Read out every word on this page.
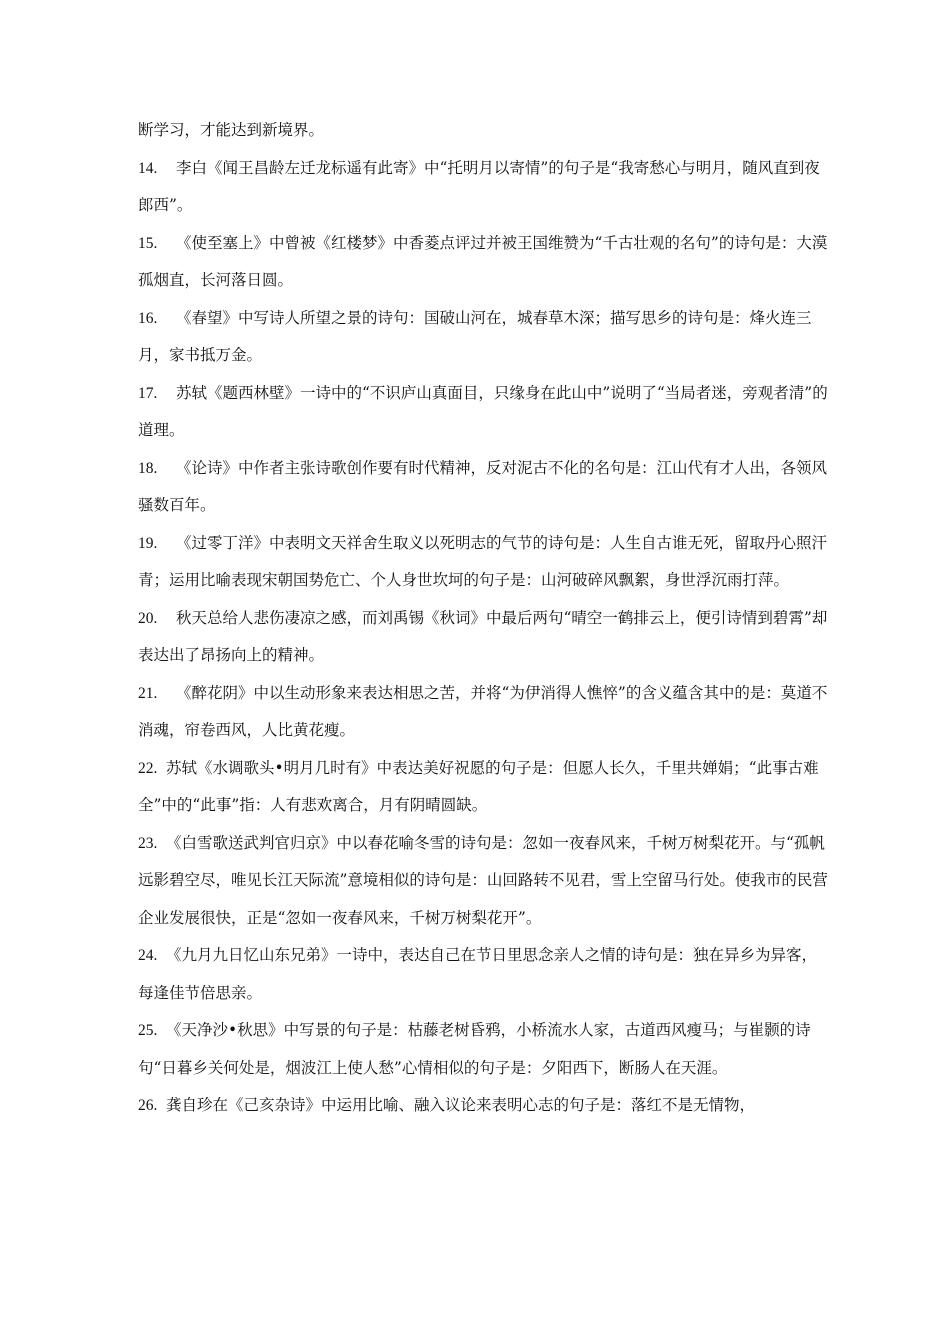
断学习，才能达到新境界。

14. 李白《闻王昌龄左迁龙标遥有此寄》中“托明月以寄情”的句子是“我寄愁心与明月，随风直到夜郎西”。

15. 《使至塞上》中曾被《红楼梦》中香菱点评过并被王国维赞为“千古壮观的名句”的诗句是：大漠孤烟直，长河落日圆。

16. 《春望》中写诗人所望之景的诗句：国破山河在，城春草木深；描写思乡的诗句是：烽火连三月，家书抵万金。

17. 苏轼《题西林壁》一诗中的“不识庐山真面目，只缘身在此山中”说明了“当局者迷，旁观者清”的道理。

18. 《论诗》中作者主张诗歌创作要有时代精神，反对泥古不化的名句是：江山代有才人出，各领风骚数百年。

19. 《过零丁洋》中表明文天祥舍生取义以死明志的气节的诗句是：人生自古谁无死，留取丹心照汗青；运用比喻表现宋朝国势危亡、个人身世坎坷的句子是：山河破碎风飘絮，身世浮沉雨打萍。

20. 秋天总给人悲伤凄凉之感，而刘禹锡《秋词》中最后两句“晴空一鹤排云上，便引诗情到碧霄”却表达出了昂扬向上的精神。

21. 《醉花阴》中以生动形象来表达相思之苦，并将“为伊消得人憔悴”的含义蕴含其中的是：莫道不消魂，帘卷西风，人比黄花瘦。

22. 苏轼《水调歌头•明月几时有》中表达美好祝愿的句子是：但愿人长久，千里共婵娟；“此事古难全”中的“此事”指：人有悲欢离合，月有阴晴圆缺。

23. 《白雪歌送武判官归京》中以春花喻冬雪的诗句是：忽如一夜春风来，千树万树梨花开。与“孤帆远影碧空尽，唯见长江天际流”意境相似的诗句是：山回路转不见君，雪上空留马行处。使我市的民营企业发展很快，正是“忽如一夜春风来，千树万树梨花开”。

24. 《九月九日忆山东兄弟》一诗中，表达自己在节日里思念亲人之情的诗句是：独在异乡为异客，每逢佳节倍思亲。

25. 《天净沙•秋思》中写景的句子是：枯藤老树昏鸦，小桥流水人家，古道西风瘦马；与崔颢的诗句“日暮乡关何处是，烟波江上使人愁”心情相似的句子是：夕阳西下，断肠人在天涯。

26. 龚自珍在《己亥杂诗》中运用比喻、融入议论来表明心志的句子是：落红不是无情物，
